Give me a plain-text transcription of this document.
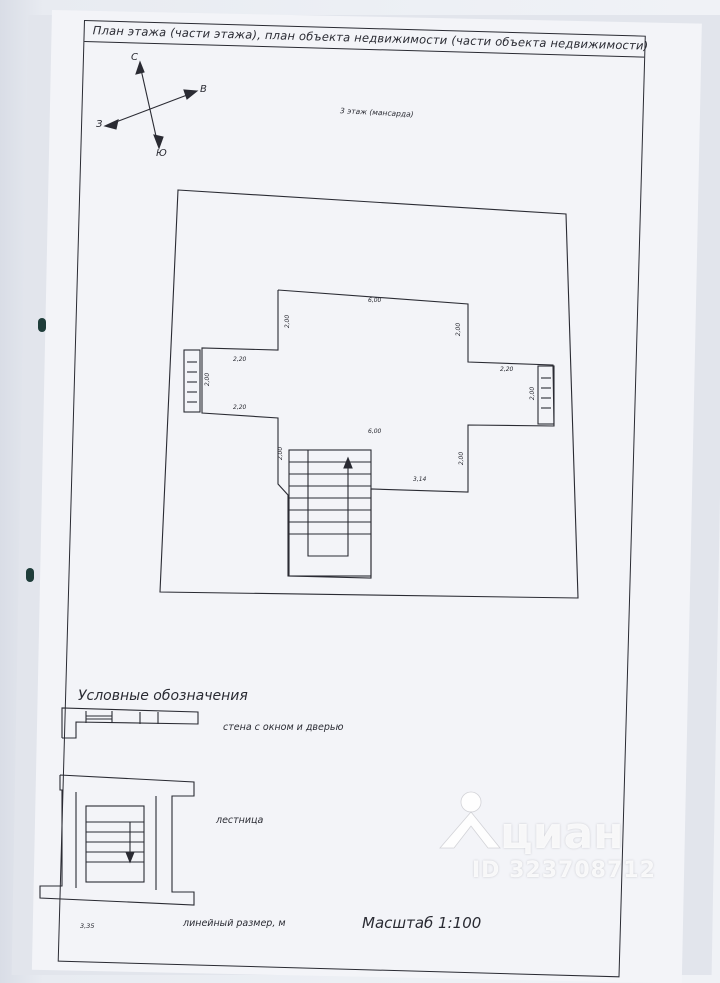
План этажа (части этажа), план объекта недвижимости (части объекта недвижимости)
С
В
З
Ю
3 этаж (мансарда)
6,00
2,00
2,00
2,20
2,00
2,20
2,20
2,00
6,00
2,00	2,00
3,14
Условные обозначения
стена с окном и дверью
лестница
3,35	линейный размер, м	Масштаб 1:100
циан
ID 323708712
